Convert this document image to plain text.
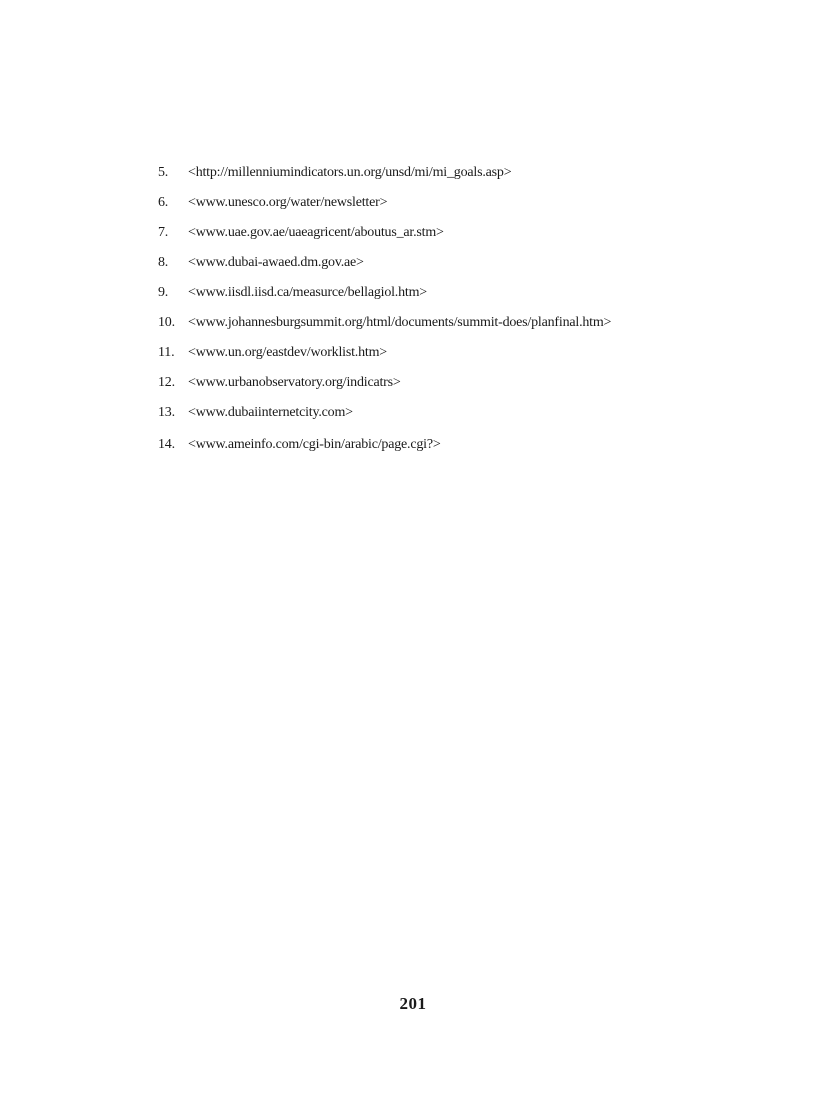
5.	<http://millenniumindicators.un.org/unsd/mi/mi_goals.asp>
6.	<www.unesco.org/water/newsletter>
7.	<www.uae.gov.ae/uaeagricent/aboutus_ar.stm>
8.	<www.dubai-awaed.dm.gov.ae>
9.	<www.iisdl.iisd.ca/measurce/bellagiol.htm>
10. <www.johannesburgsummit.org/html/documents/summit-does/planfinal.htm>
11. <www.un.org/eastdev/worklist.htm>
12. <www.urbanobservatory.org/indicatrs>
13. <www.dubaiinternetcity.com>
14. <www.ameinfo.com/cgi-bin/arabic/page.cgi?>
201
